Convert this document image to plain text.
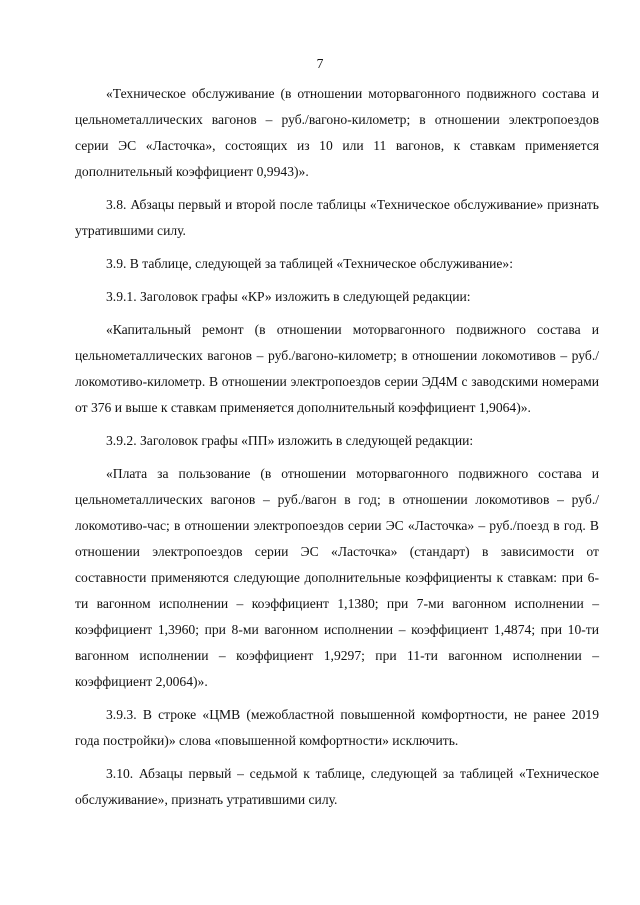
7

«Техническое обслуживание (в отношении моторвагонного подвижного состава и цельнометаллических вагонов – руб./вагоно-километр; в отношении электропоездов серии ЭС «Ласточка», состоящих из 10 или 11 вагонов, к ставкам применяется дополнительный коэффициент 0,9943)».

3.8. Абзацы первый и второй после таблицы «Техническое обслуживание» признать утратившими силу.

3.9. В таблице, следующей за таблицей «Техническое обслуживание»:

3.9.1. Заголовок графы «КР» изложить в следующей редакции:

«Капитальный ремонт (в отношении моторвагонного подвижного состава и цельнометаллических вагонов – руб./вагоно-километр; в отношении локомотивов – руб./локомотиво-километр. В отношении электропоездов серии ЭД4М с заводскими номерами от 376 и выше к ставкам применяется дополнительный коэффициент 1,9064)».

3.9.2. Заголовок графы «ПП» изложить в следующей редакции:

«Плата за пользование (в отношении моторвагонного подвижного состава и цельнометаллических вагонов – руб./вагон в год; в отношении локомотивов – руб./локомотиво-час; в отношении электропоездов серии ЭС «Ласточка» – руб./поезд в год. В отношении электропоездов серии ЭС «Ласточка» (стандарт) в зависимости от составности применяются следующие дополнительные коэффициенты к ставкам: при 6-ти вагонном исполнении – коэффициент 1,1380; при 7-ми вагонном исполнении – коэффициент 1,3960; при 8-ми вагонном исполнении – коэффициент 1,4874; при 10-ти вагонном исполнении – коэффициент 1,9297; при 11-ти вагонном исполнении – коэффициент 2,0064)».

3.9.3. В строке «ЦМВ (межобластной повышенной комфортности, не ранее 2019 года постройки)» слова «повышенной комфортности» исключить.

3.10. Абзацы первый – седьмой к таблице, следующей за таблицей «Техническое обслуживание», признать утратившими силу.
